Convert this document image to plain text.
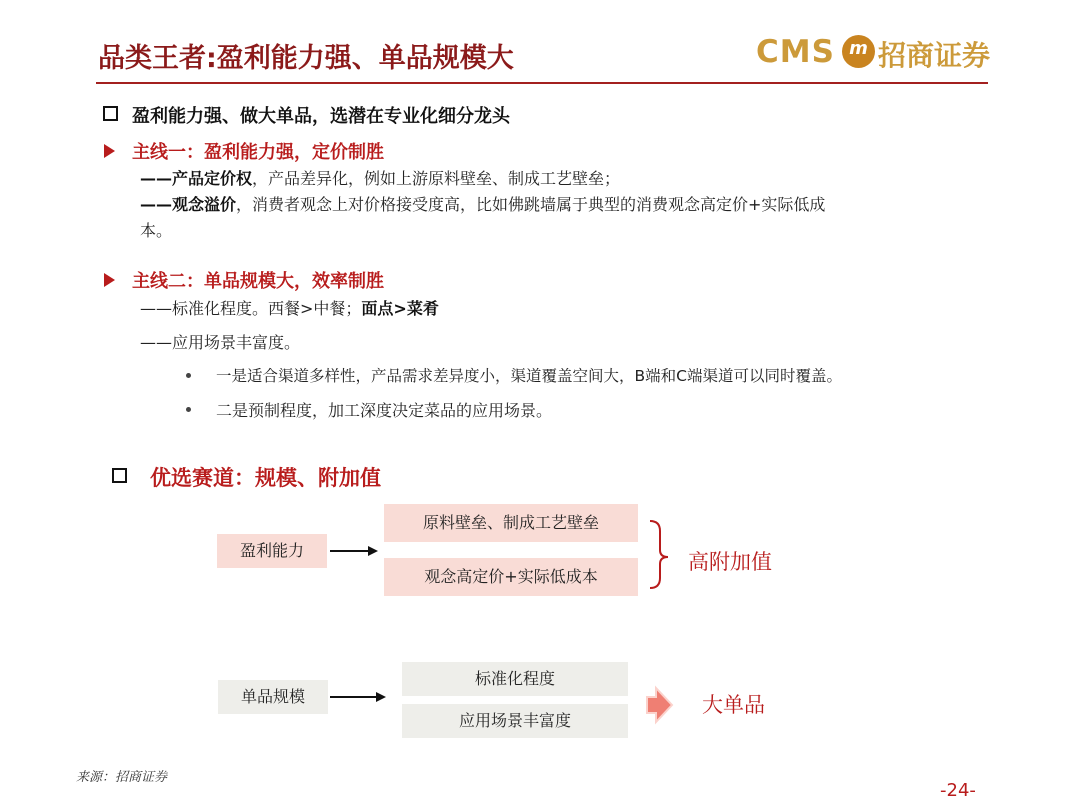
品类王者:盈利能力强、单品规模大	CMS m 招商证券
盈利能力强、做大单品，选潜在专业化细分龙头
主线一：盈利能力强，定价制胜
——产品定价权，产品差异化，例如上游原料壁垒、制成工艺壁垒；
——观念溢价，消费者观念上对价格接受度高，比如佛跳墙属于典型的消费观念高定价+实际低成
本。
主线二：单品规模大，效率制胜
——标准化程度。西餐>中餐；面点>菜肴
——应用场景丰富度。
一是适合渠道多样性，产品需求差异度小，渠道覆盖空间大，B端和C端渠道可以同时覆盖。
二是预制程度，加工深度决定菜品的应用场景。
优选赛道：规模、附加值
盈利能力
原料壁垒、制成工艺壁垒
观念高定价+实际低成本
高附加值
单品规模
标准化程度
应用场景丰富度
大单品
来源：招商证券
-24-
